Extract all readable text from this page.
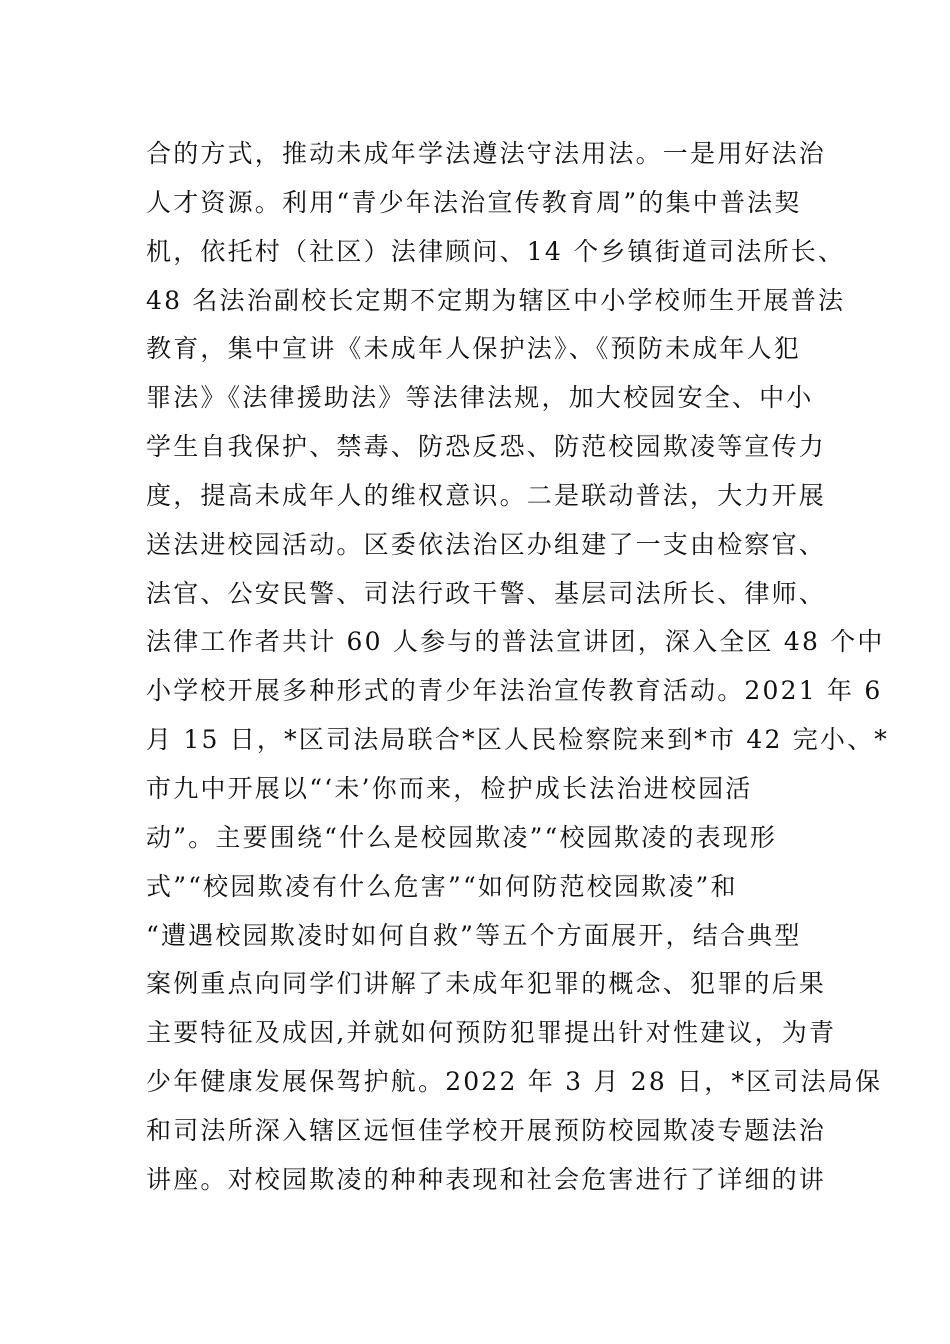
合的方式，推动未成年学法遵法守法用法。一是用好法治
人才资源。利用“青少年法治宣传教育周”的集中普法契
机，依托村（社区）法律顾问、14 个乡镇街道司法所长、
48 名法治副校长定期不定期为辖区中小学校师生开展普法
教育，集中宣讲《未成年人保护法》、《预防未成年人犯
罪法》《法律援助法》等法律法规，加大校园安全、中小
学生自我保护、禁毒、防恐反恐、防范校园欺凌等宣传力
度，提高未成年人的维权意识。二是联动普法，大力开展
送法进校园活动。区委依法治区办组建了一支由检察官、
法官、公安民警、司法行政干警、基层司法所长、律师、
法律工作者共计 60 人参与的普法宣讲团，深入全区 48 个中
小学校开展多种形式的青少年法治宣传教育活动。2021 年 6
月 15 日，*区司法局联合*区人民检察院来到*市 42 完小、*
市九中开展以“‘未’你而来，检护成长法治进校园活
动”。主要围绕“什么是校园欺凌”“校园欺凌的表现形
式”“校园欺凌有什么危害”“如何防范校园欺凌”和
“遭遇校园欺凌时如何自救”等五个方面展开，结合典型
案例重点向同学们讲解了未成年犯罪的概念、犯罪的后果
主要特征及成因,并就如何预防犯罪提出针对性建议，为青
少年健康发展保驾护航。2022 年 3 月 28 日，*区司法局保
和司法所深入辖区远恒佳学校开展预防校园欺凌专题法治
讲座。对校园欺凌的种种表现和社会危害进行了详细的讲
